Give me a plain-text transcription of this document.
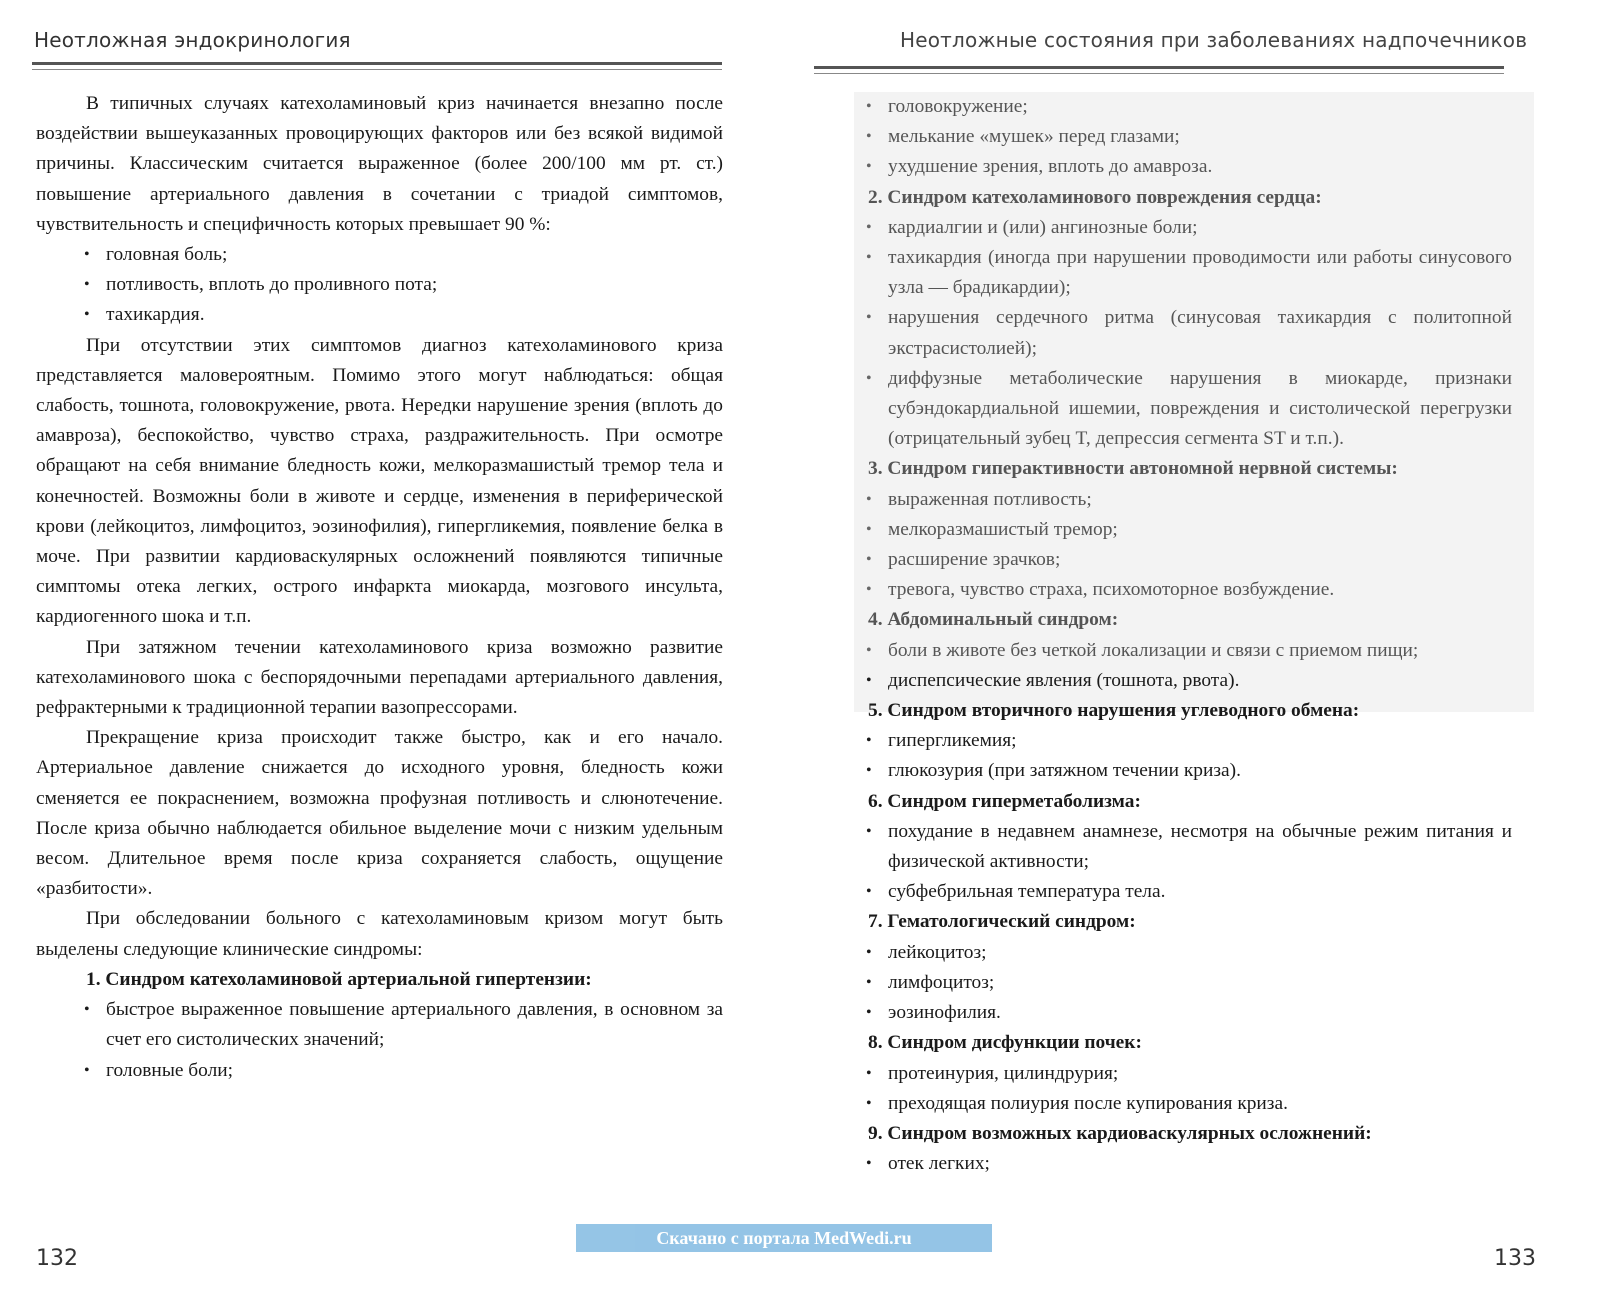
Неотложная эндокринология

В типичных случаях катехоламиновый криз начинается внезапно после воздействии вышеуказанных провоцирующих факторов или без всякой видимой причины. Классическим считается выраженное (более 200/100 мм рт. ст.) повышение артериального давления в сочетании с триадой симптомов, чувствительность и специфичность которых превышает 90 %:

• головная боль;
• потливость, вплоть до проливного пота;
• тахикардия.

При отсутствии этих симптомов диагноз катехоламинового криза представляется маловероятным. Помимо этого могут наблюдаться: общая слабость, тошнота, головокружение, рвота. Нередки нарушение зрения (вплоть до амавроза), беспокойство, чувство страха, раздражительность. При осмотре обращают на себя внимание бледность кожи, мелкоразмашистый тремор тела и конечностей. Возможны боли в животе и сердце, изменения в периферической крови (лейкоцитоз, лимфоцитоз, эозинофилия), гипергликемия, появление белка в моче. При развитии кардиоваскулярных осложнений появляются типичные симптомы отека легких, острого инфаркта миокарда, мозгового инсульта, кардиогенного шока и т.п.

При затяжном течении катехоламинового криза возможно развитие катехоламинового шока с беспорядочными перепадами артериального давления, рефрактерными к традиционной терапии вазопрессорами.

Прекращение криза происходит также быстро, как и его начало. Артериальное давление снижается до исходного уровня, бледность кожи сменяется ее покраснением, возможна профузная потливость и слюнотечение. После криза обычно наблюдается обильное выделение мочи с низким удельным весом. Длительное время после криза сохраняется слабость, ощущение «разбитости».

При обследовании больного с катехоламиновым кризом могут быть выделены следующие клинические синдромы:

1. Синдром катехоламиновой артериальной гипертензии:

• быстрое выраженное повышение артериального давления, в основном за счет его систолических значений;
• головные боли;
132
Неотложные состояния при заболеваниях надпочечников
• головокружение;
• мелькание «мушек» перед глазами;
• ухудшение зрения, вплоть до амавроза.

2. Синдром катехоламинового повреждения сердца:

• кардиалгии и (или) ангинозные боли;
• тахикардия (иногда при нарушении проводимости или работы синусового узла — брадикардии);
• нарушения сердечного ритма (синусовая тахикардия с политопной экстрасистолией);
• диффузные метаболические нарушения в миокарде, признаки субэндокардиальной ишемии, повреждения и систолической перегрузки (отрицательный зубец T, депрессия сегмента ST и т.п.).

3. Синдром гиперактивности автономной нервной системы:

• выраженная потливость;
• мелкоразмашистый тремор;
• расширение зрачков;
• тревога, чувство страха, психомоторное возбуждение.

4. Абдоминальный синдром:

• боли в животе без четкой локализации и связи с приемом пищи;
• диспепсические явления (тошнота, рвота).

5. Синдром вторичного нарушения углеводного обмена:

• гипергликемия;
• глюкозурия (при затяжном течении криза).

6. Синдром гиперметаболизма:

• похудание в недавнем анамнезе, несмотря на обычные режим питания и физической активности;
• субфебрильная температура тела.

7. Гематологический синдром:

• лейкоцитоз;
• лимфоцитоз;
• эозинофилия.

8. Синдром дисфункции почек:

• протеинурия, цилиндрурия;
• преходящая полиурия после купирования криза.

9. Синдром возможных кардиоваскулярных осложнений:

• отек легких;
133
Скачано с портала MedWedi.ru
